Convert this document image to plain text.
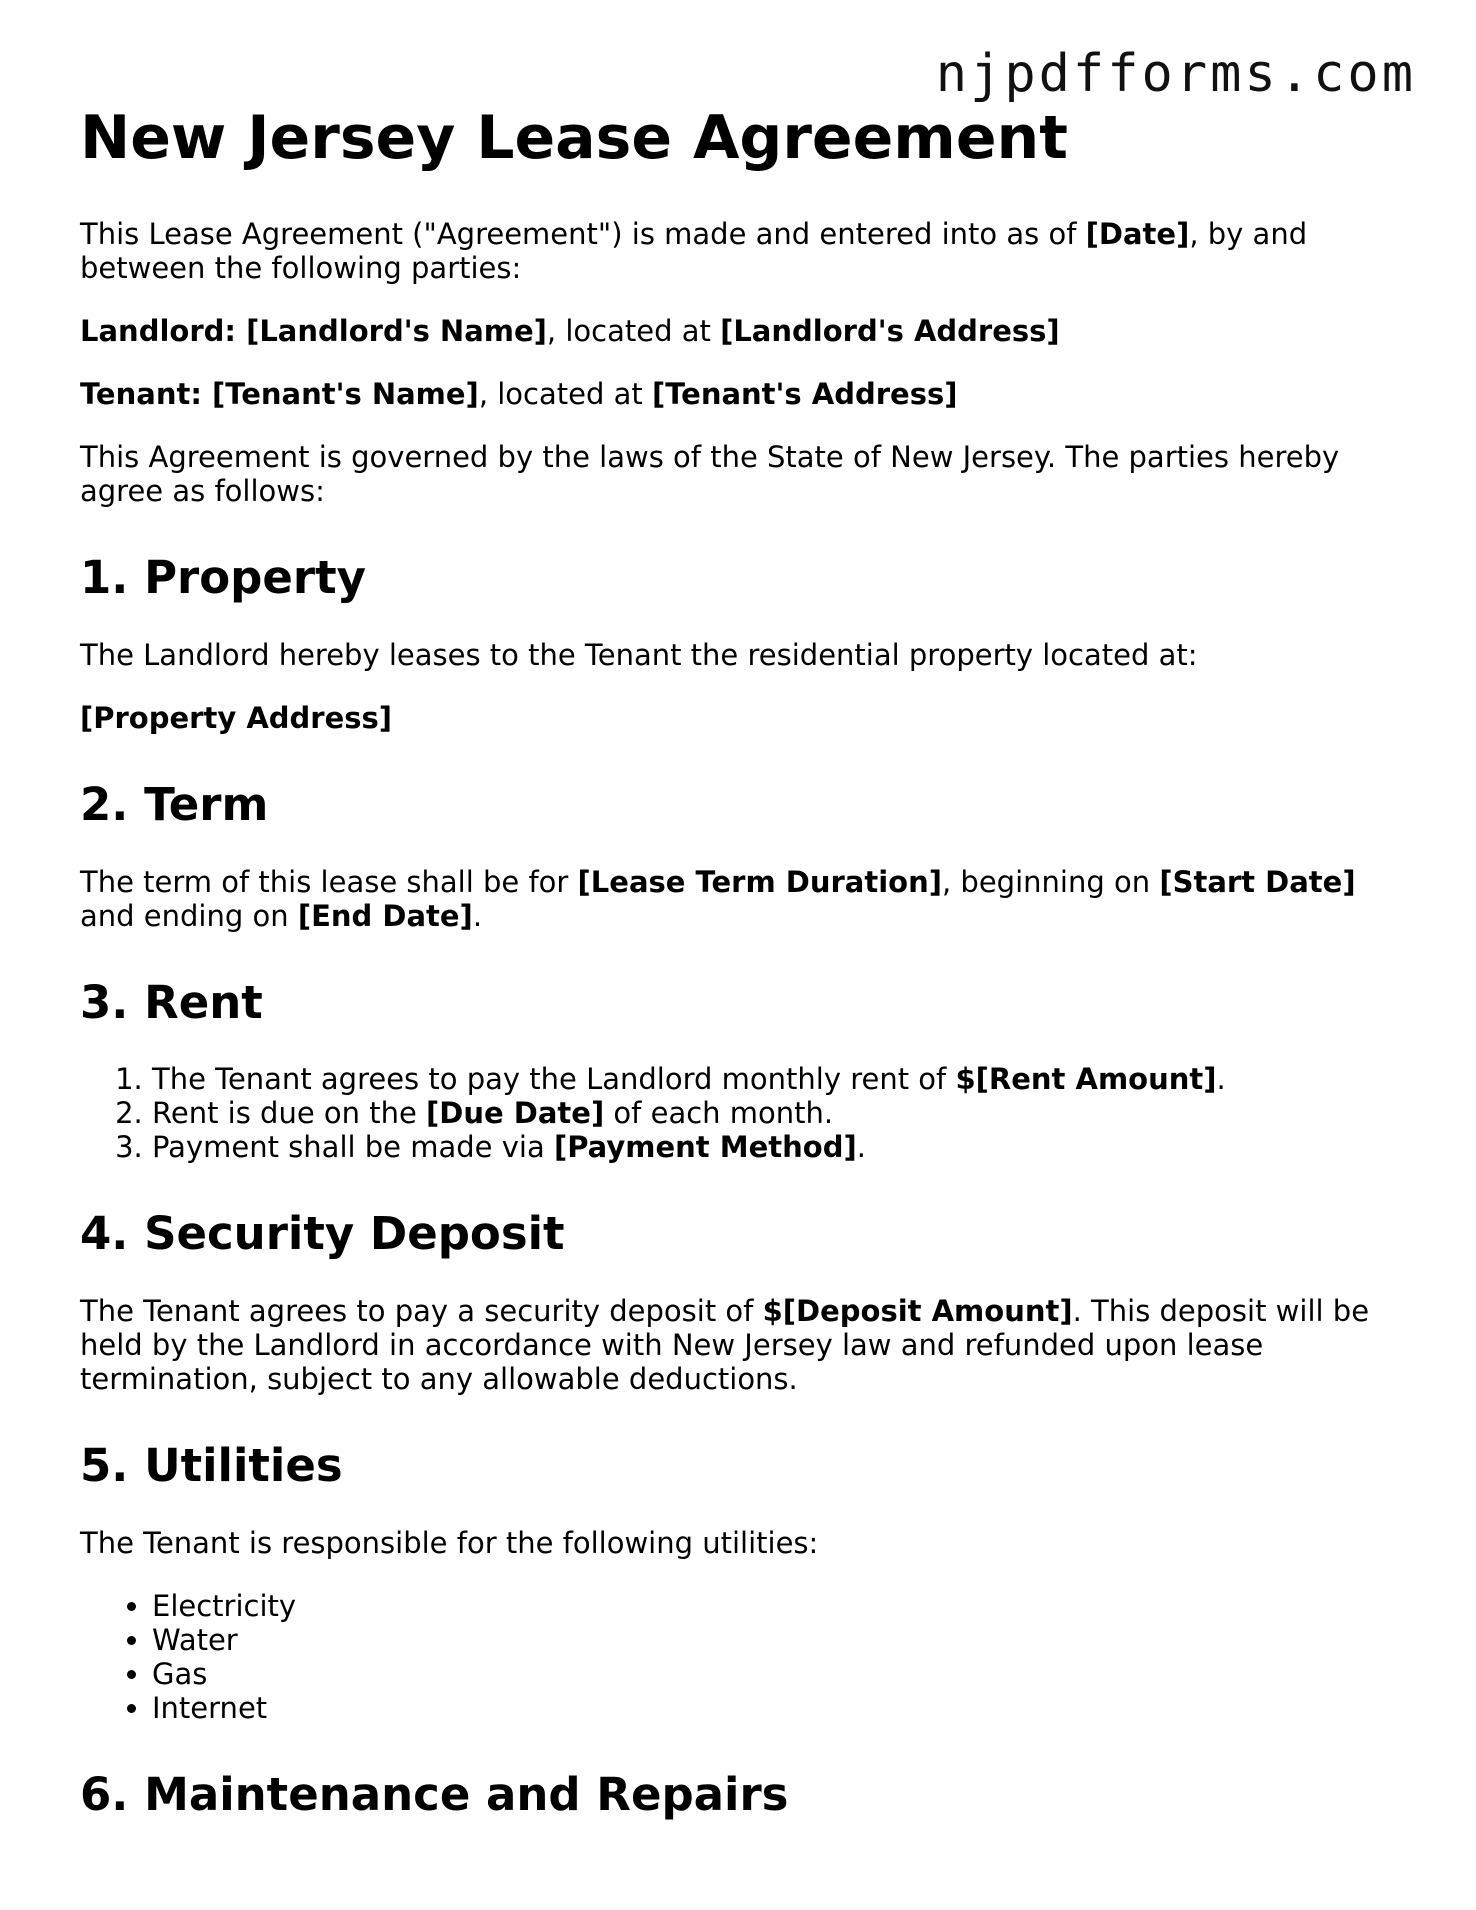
njpdfforms.com
New Jersey Lease Agreement

This Lease Agreement ("Agreement") is made and entered into as of [Date], by and between the following parties:

Landlord: [Landlord's Name], located at [Landlord's Address]

Tenant: [Tenant's Name], located at [Tenant's Address]

This Agreement is governed by the laws of the State of New Jersey. The parties hereby agree as follows:

1. Property

The Landlord hereby leases to the Tenant the residential property located at:

[Property Address]

2. Term

The term of this lease shall be for [Lease Term Duration], beginning on [Start Date] and ending on [End Date].

3. Rent
1. The Tenant agrees to pay the Landlord monthly rent of $[Rent Amount].
2. Rent is due on the [Due Date] of each month.
3. Payment shall be made via [Payment Method].
4. Security Deposit

The Tenant agrees to pay a security deposit of $[Deposit Amount]. This deposit will be held by the Landlord in accordance with New Jersey law and refunded upon lease termination, subject to any allowable deductions.

5. Utilities

The Tenant is responsible for the following utilities:

• Electricity
• Water
• Gas
• Internet
6. Maintenance and Repairs
